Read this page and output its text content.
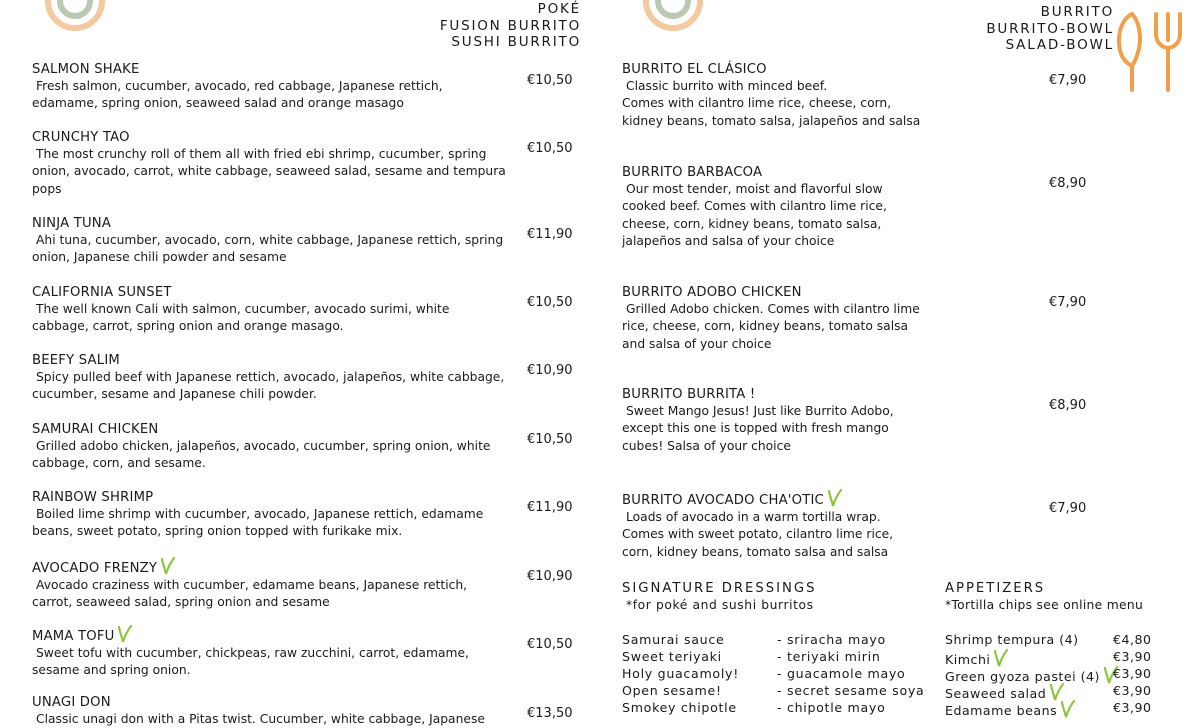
POKÉ
FUSION BURRITO
SUSHI BURRITO
BURRITO
BURRITO-BOWL
SALAD-BOWL
SALMON SHAKE
Fresh salmon, cucumber, avocado, red cabbage, Japanese rettich,
edamame, spring onion, seaweed salad and orange masago
€10,50
CRUNCHY TAO
The most crunchy roll of them all with fried ebi shrimp, cucumber, spring
onion, avocado, carrot, white cabbage, seaweed salad, sesame and tempura
pops
€10,50
NINJA TUNA
Ahi tuna, cucumber, avocado, corn, white cabbage, Japanese rettich, spring
onion, Japanese chili powder and sesame
€11,90
CALIFORNIA SUNSET
The well known Cali with salmon, cucumber, avocado surimi, white
cabbage, carrot, spring onion and orange masago.
€10,50
BEEFY SALIM
Spicy pulled beef with Japanese rettich, avocado, jalapeños, white cabbage,
cucumber, sesame and Japanese chili powder.
€10,90
SAMURAI CHICKEN
Grilled adobo chicken, jalapeños, avocado, cucumber, spring onion, white
cabbage, corn, and sesame.
€10,50
RAINBOW SHRIMP
Boiled lime shrimp with cucumber, avocado, Japanese rettich, edamame
beans, sweet potato, spring onion topped with furikake mix.
€11,90
AVOCADO FRENZY
Avocado craziness with cucumber, edamame beans, Japanese rettich,
carrot, seaweed salad, spring onion and sesame
€10,90
MAMA TOFU
Sweet tofu with cucumber, chickpeas, raw zucchini, carrot, edamame,
sesame and spring onion.
€10,50
UNAGI DON
Classic unagi don with a Pitas twist. Cucumber, white cabbage, Japanese	€13,50
BURRITO EL CLÁSICO
Classic burrito with minced beef.
Comes with cilantro lime rice, cheese, corn,
kidney beans, tomato salsa, jalapeños and salsa
€7,90
BURRITO BARBACOA
Our most tender, moist and flavorful slow
cooked beef. Comes with cilantro lime rice,
cheese, corn, kidney beans, tomato salsa,
jalapeños and salsa of your choice
€8,90
BURRITO ADOBO CHICKEN
Grilled Adobo chicken. Comes with cilantro lime
rice, cheese, corn, kidney beans, tomato salsa
and salsa of your choice
€7,90
BURRITO BURRITA !
Sweet Mango Jesus! Just like Burrito Adobo,
except this one is topped with fresh mango
cubes! Salsa of your choice
€8,90
BURRITO AVOCADO CHA'OTIC
Loads of avocado in a warm tortilla wrap.
Comes with sweet potato, cilantro lime rice,
corn, kidney beans, tomato salsa and salsa
€7,90
SIGNATURE DRESSINGS
*for poké and sushi burritos
Samurai sauce	- sriracha mayo
Sweet teriyaki	- teriyaki mirin
Holy guacamoly!	- guacamole mayo
Open sesame!	- secret sesame soya
Smokey chipotle	- chipotle mayo
APPETIZERS
*Tortilla chips see online menu
Shrimp tempura (4)	€4,80
Kimchi	€3,90
Green gyoza pastei (4)	€3,90
Seaweed salad	€3,90
Edamame beans	€3,90
